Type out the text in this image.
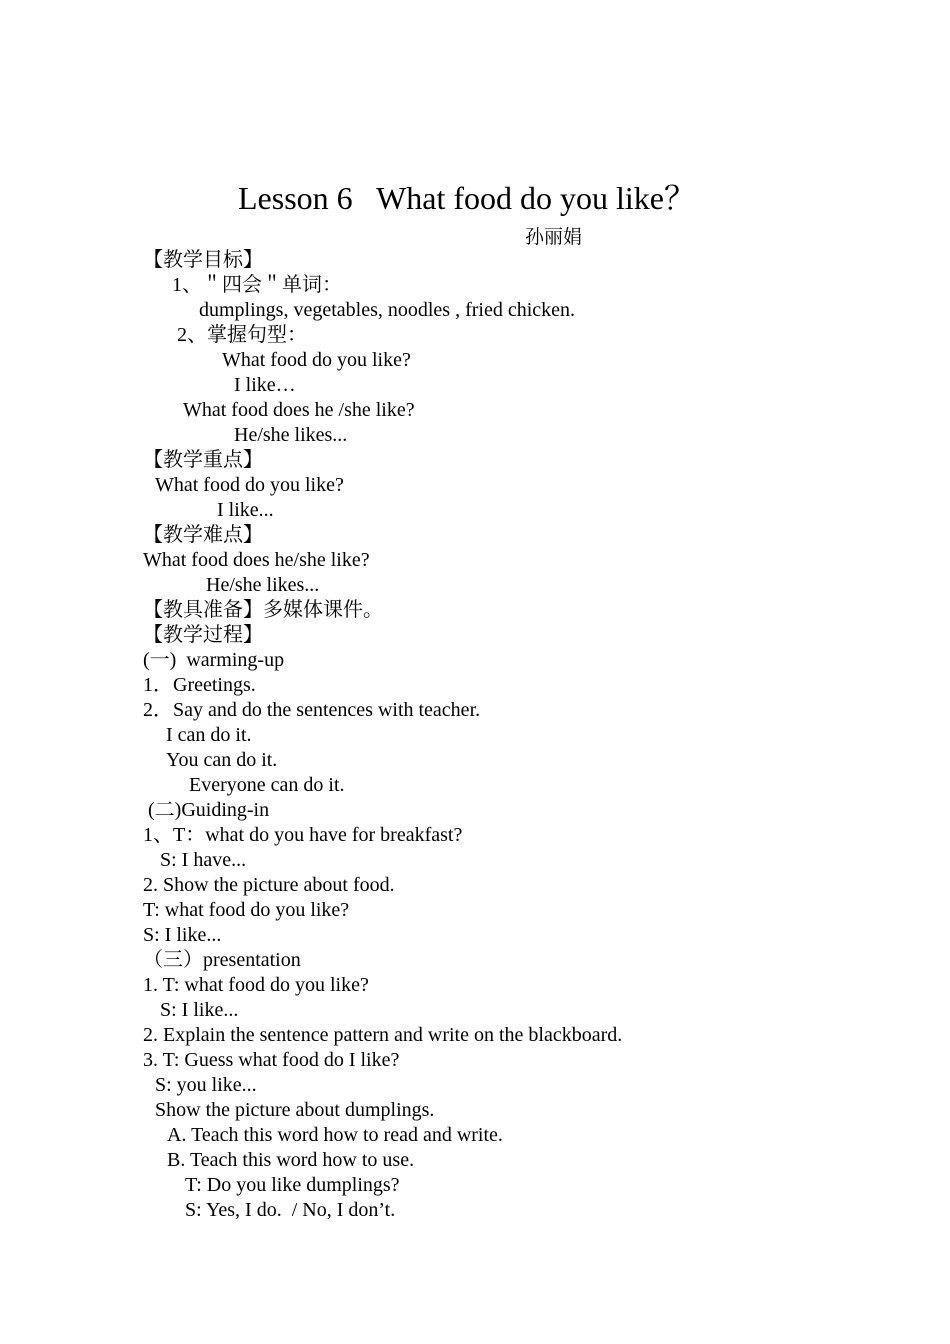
Lesson 6   What food do you like？
孙丽娟
【教学目标】
1、＂四会＂单词：
dumplings, vegetables, noodles , fried chicken.
2、掌握句型：
What food do you like?
I like…
What food does he /she like?
He/she likes...
【教学重点】
What food do you like?
I like...
【教学难点】
What food does he/she like?
He/she likes...
【教具准备】多媒体课件。
【教学过程】
(一)  warming-up
1．Greetings.
2．Say and do the sentences with teacher.
I can do it.
You can do it.
Everyone can do it.
(二)Guiding-in
1、T：what do you have for breakfast?
S: I have...
2. Show the picture about food.
T: what food do you like?
S: I like...
（三）presentation
1. T: what food do you like?
S: I like...
2. Explain the sentence pattern and write on the blackboard.
3. T: Guess what food do I like?
S: you like...
Show the picture about dumplings.
A. Teach this word how to read and write.
B. Teach this word how to use.
T: Do you like dumplings?
S: Yes, I do.  / No, I don’t.
